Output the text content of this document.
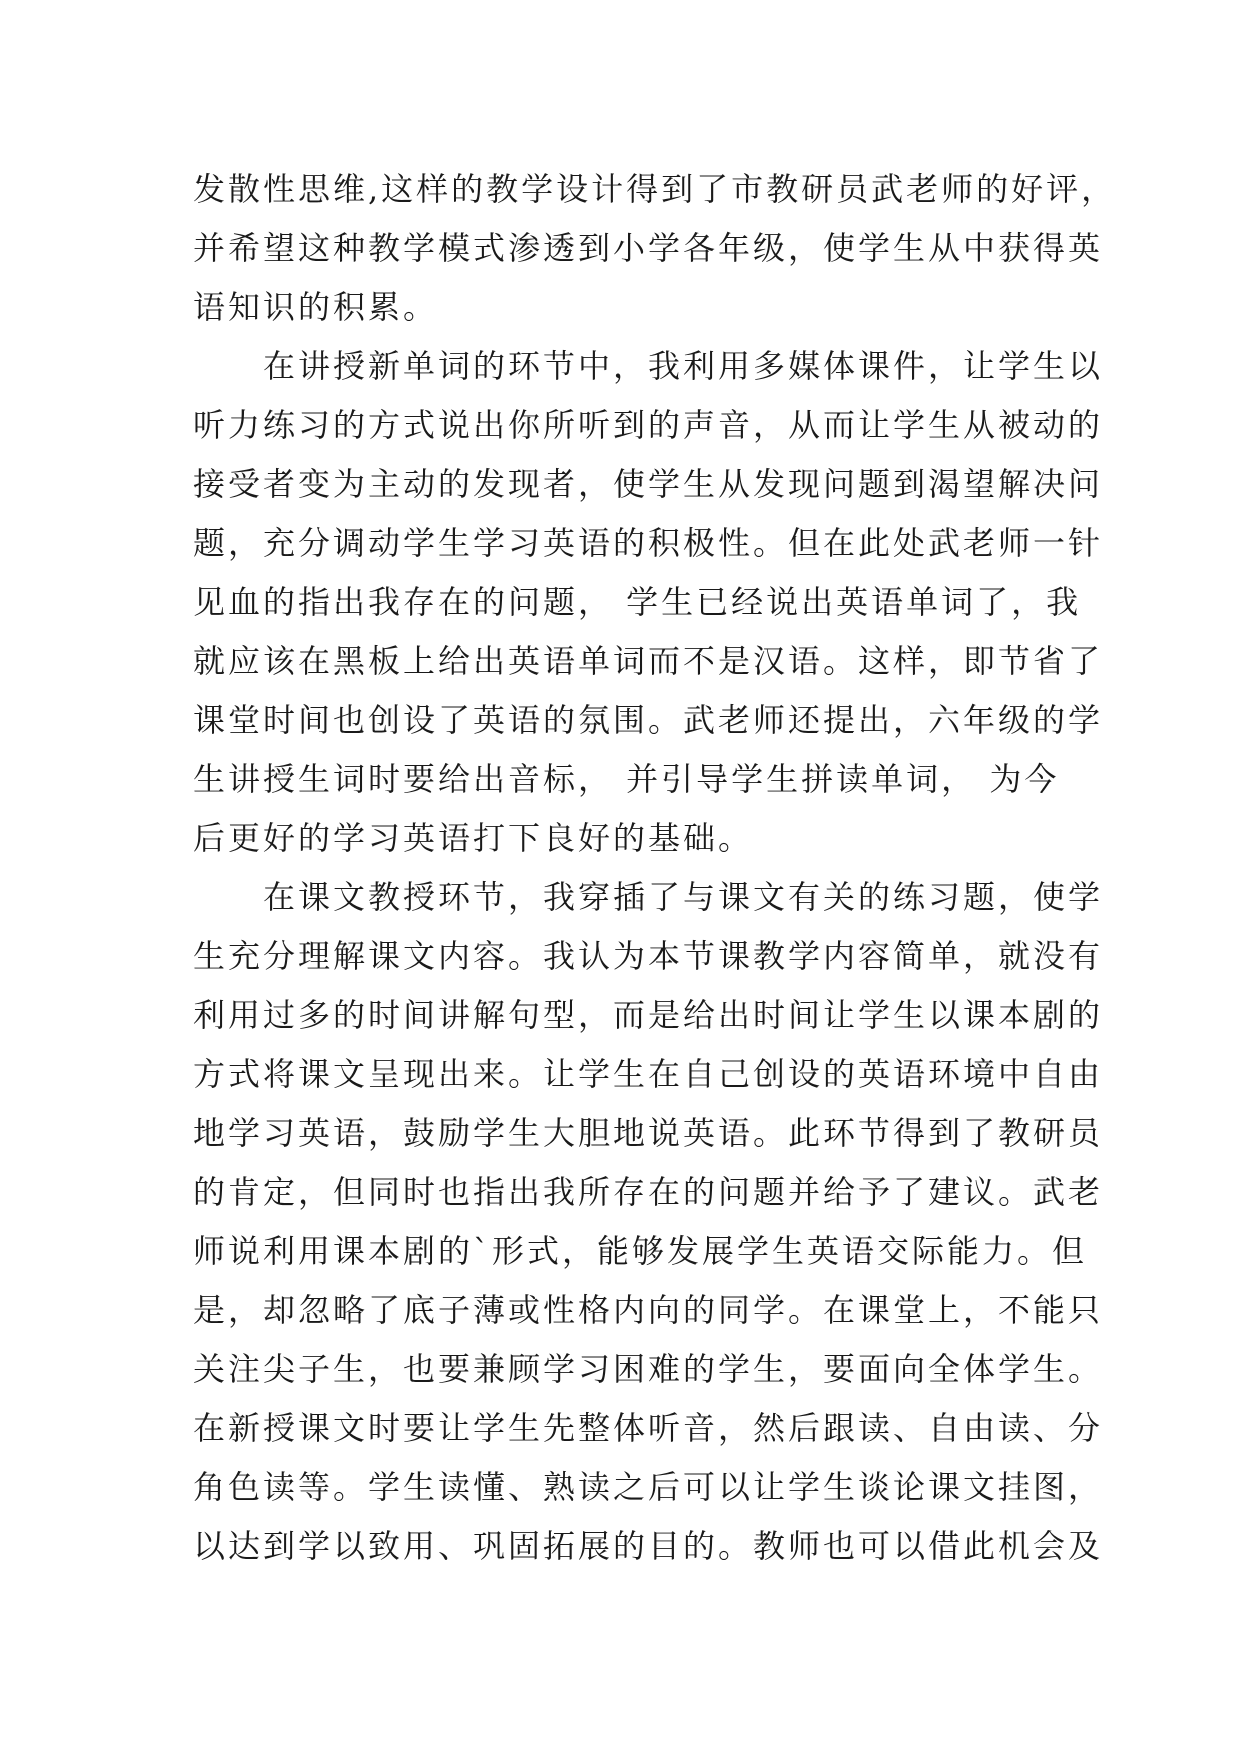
发散性思维,这样的教学设计得到了市教研员武老师的好评，
并希望这种教学模式渗透到小学各年级，使学生从中获得英
语知识的积累。
在讲授新单词的环节中，我利用多媒体课件，让学生以
听力练习的方式说出你所听到的声音，从而让学生从被动的
接受者变为主动的发现者，使学生从发现问题到渴望解决问
题，充分调动学生学习英语的积极性。但在此处武老师一针
见血的指出我存在的问题， 学生已经说出英语单词了，我
就应该在黑板上给出英语单词而不是汉语。这样，即节省了
课堂时间也创设了英语的氛围。武老师还提出，六年级的学
生讲授生词时要给出音标， 并引导学生拼读单词， 为今
后更好的学习英语打下良好的基础。
在课文教授环节，我穿插了与课文有关的练习题，使学
生充分理解课文内容。我认为本节课教学内容简单，就没有
利用过多的时间讲解句型，而是给出时间让学生以课本剧的
方式将课文呈现出来。让学生在自己创设的英语环境中自由
地学习英语，鼓励学生大胆地说英语。此环节得到了教研员
的肯定，但同时也指出我所存在的问题并给予了建议。武老
师说利用课本剧的`形式，能够发展学生英语交际能力。但
是，却忽略了底子薄或性格内向的同学。在课堂上，不能只
关注尖子生，也要兼顾学习困难的学生，要面向全体学生。
在新授课文时要让学生先整体听音，然后跟读、自由读、分
角色读等。学生读懂、熟读之后可以让学生谈论课文挂图，
以达到学以致用、巩固拓展的目的。教师也可以借此机会及
